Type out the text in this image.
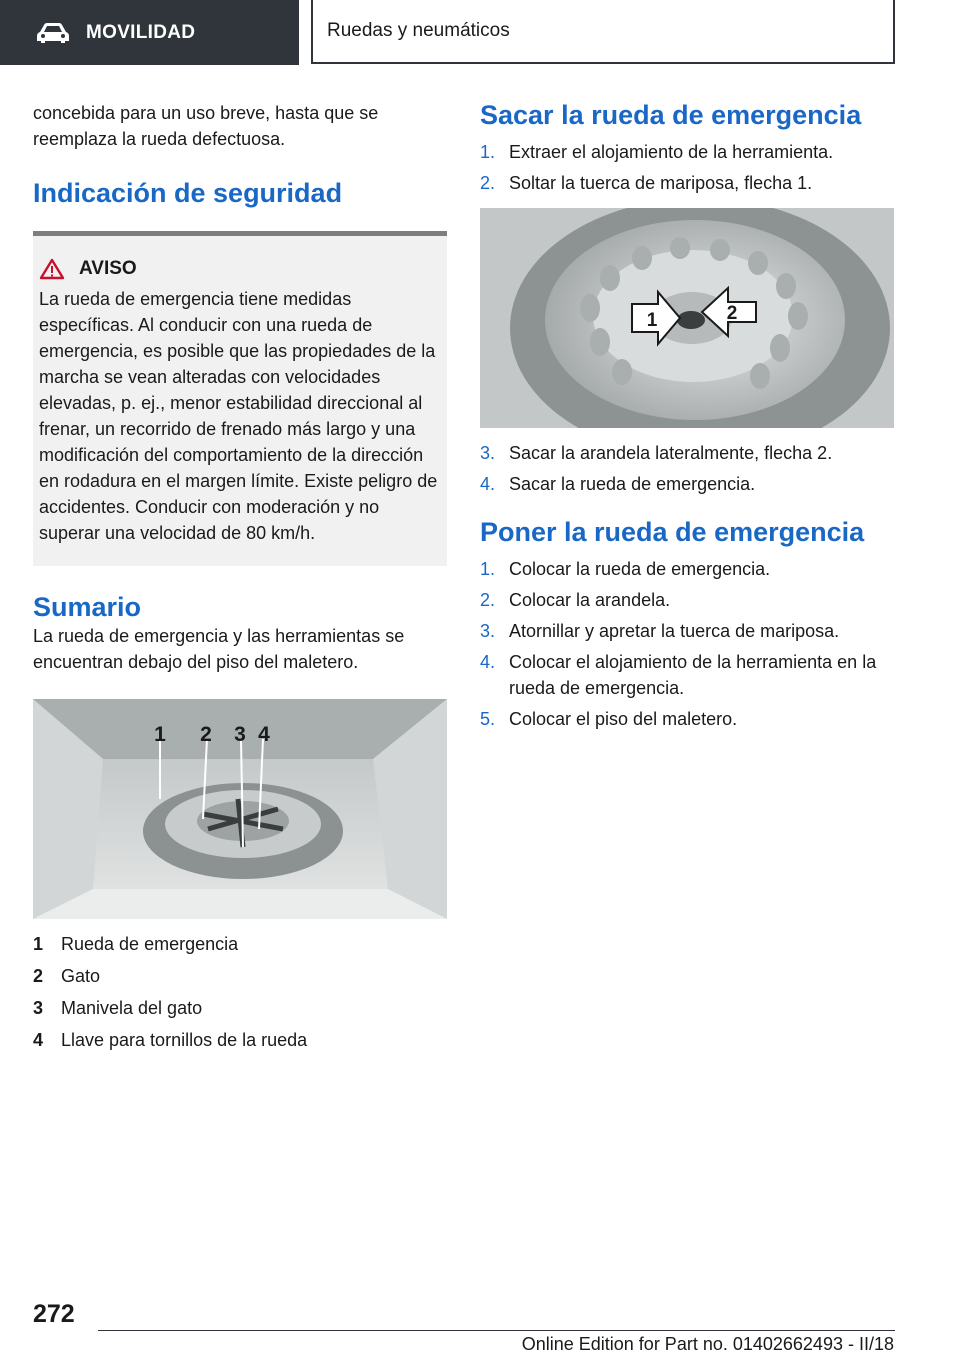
MOVILIDAD	Ruedas y neumáticos

concebida para un uso breve, hasta que se reemplaza la rueda defectuosa.

Indicación de seguridad
AVISO

La rueda de emergencia tiene medidas específicas. Al conducir con una rueda de emergencia, es posible que las propiedades de la marcha se vean alteradas con velocidades elevadas, p. ej., menor estabilidad direccional al frenar, un recorrido de frenado más largo y una modificación del comportamiento de la dirección en rodadura en el margen límite. Existe peligro de accidentes. Conducir con moderación y no superar una velocidad de 80 km/h.

Sumario

La rueda de emergencia y las herramientas se encuentran debajo del piso del maletero.

1 2 3 4
1 Rueda de emergencia
2 Gato
3 Manivela del gato
4 Llave para tornillos de la rueda
Sacar la rueda de emergencia
1. Extraer el alojamiento de la herramienta.
2. Soltar la tuerca de mariposa, flecha 1.
1	2
3. Sacar la arandela lateralmente, flecha 2.
4. Sacar la rueda de emergencia.
Poner la rueda de emergencia
1. Colocar la rueda de emergencia.
2. Colocar la arandela.
3. Atornillar y apretar la tuerca de mariposa.
4. Colocar el alojamiento de la herramienta en la rueda de emergencia.
5. Colocar el piso del maletero.
272
Online Edition for Part no. 01402662493 - II/18
